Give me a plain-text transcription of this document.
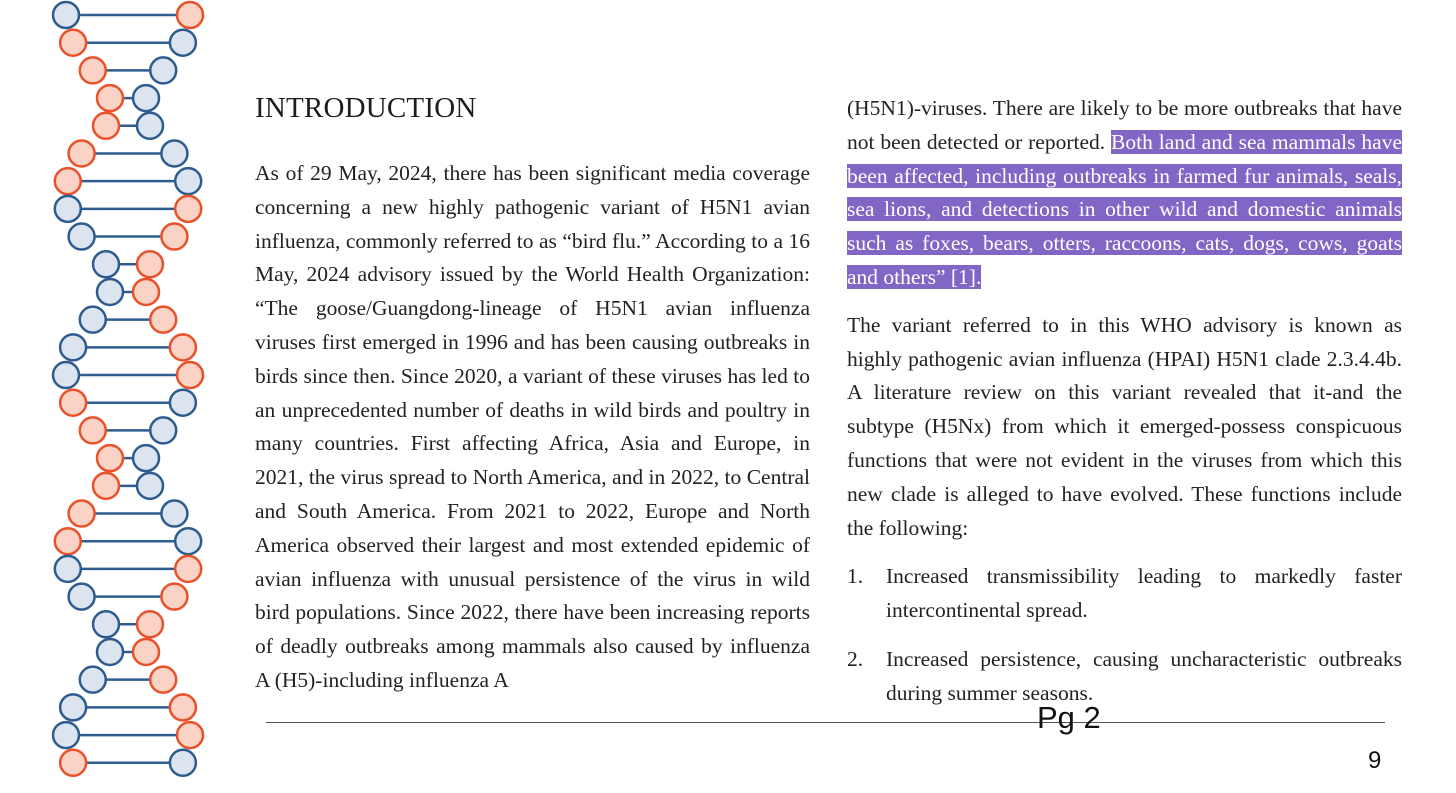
INTRODUCTION

As of 29 May, 2024, there has been significant media coverage concerning a new highly pathogenic variant of H5N1 avian influenza, commonly referred to as “bird flu.” According to a 16 May, 2024 advisory issued by the World Health Organization: “The goose/Guangdong-lineage of H5N1 avian influenza viruses first emerged in 1996 and has been causing outbreaks in birds since then. Since 2020, a variant of these viruses has led to an unprecedented number of deaths in wild birds and poultry in many countries. First affecting Africa, Asia and Europe, in 2021, the virus spread to North America, and in 2022, to Central and South America. From 2021 to 2022, Europe and North America observed their largest and most extended epidemic of avian influenza with unusual persistence of the virus in wild bird populations. Since 2022, there have been increasing reports of deadly outbreaks among mammals also caused by influenza A (H5)-including influenza A

(H5N1)-viruses. There are likely to be more outbreaks that have not been detected or reported. Both land and sea mammals have been affected, including outbreaks in farmed fur animals, seals, sea lions, and detections in other wild and domestic animals such as foxes, bears, otters, raccoons, cats, dogs, cows, goats and others” [1].

The variant referred to in this WHO advisory is known as highly pathogenic avian influenza (HPAI) H5N1 clade 2.3.4.4b. A literature review on this variant revealed that it-and the subtype (H5Nx) from which it emerged-possess conspicuous functions that were not evident in the viruses from which this new clade is alleged to have evolved. These functions include the following:

1.	Increased transmissibility leading to markedly faster intercontinental spread.
2.	Increased persistence, causing uncharacteristic outbreaks during summer seasons.
Pg 2
9
